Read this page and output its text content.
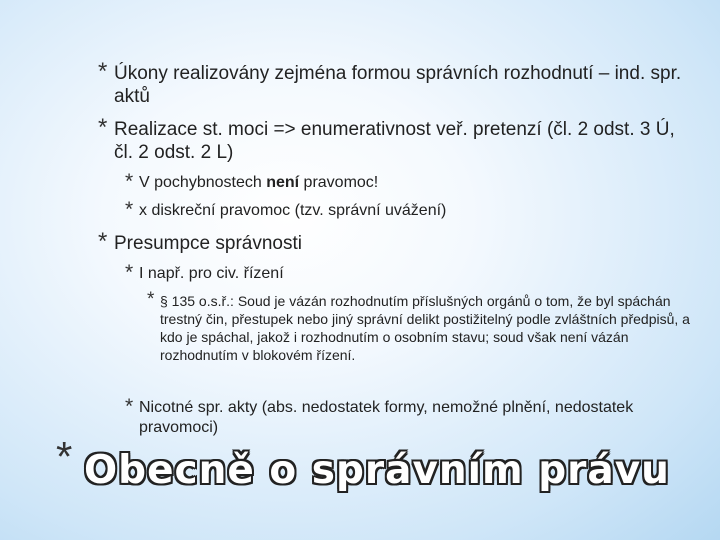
* Úkony realizovány zejména formou správních rozhodnutí – ind. spr. aktů
* Realizace st. moci => enumerativnost veř. pretenzí (čl. 2 odst. 3 Ú, čl. 2 odst. 2 L)
* V pochybnostech není pravomoc!
* x diskreční pravomoc (tzv. správní uvážení)
* Presumpce správnosti
* I např. pro civ. řízení
* § 135 o.s.ř.: Soud je vázán rozhodnutím příslušných orgánů o tom, že byl spáchán trestný čin, přestupek nebo jiný správní delikt postižitelný podle zvláštních předpisů, a kdo je spáchal, jakož i rozhodnutím o osobním stavu; soud však není vázán rozhodnutím v blokovém řízení.
* Nicotné spr. akty (abs. nedostatek formy, nemožné plnění, nedostatek pravomoci)
* Obecně o správním právu
